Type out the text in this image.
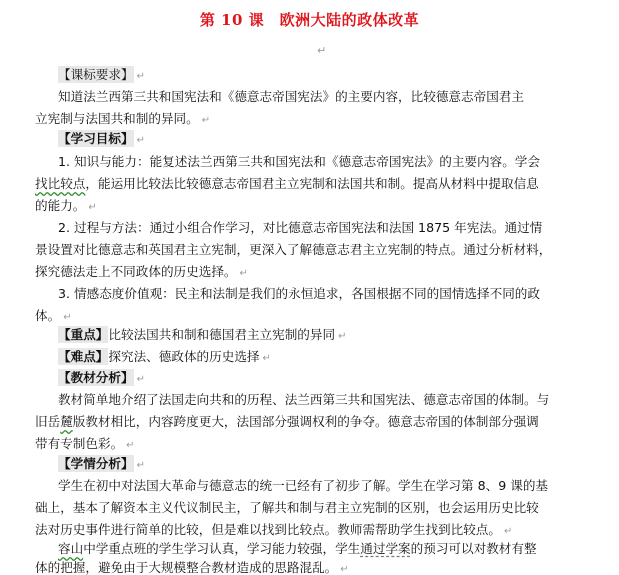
第 10 课　欧洲大陆的政体改革
↵
【课标要求】 ↵
知道法兰西第三共和国宪法和《德意志帝国宪法》的主要内容，比较德意志帝国君主
立宪制与法国共和制的异同。 ↵
【学习目标】 ↵
1. 知识与能力：能复述法兰西第三共和国宪法和《德意志帝国宪法》的主要内容。学会
找比较点，能运用比较法比较德意志帝国君主立宪制和法国共和制。提高从材料中提取信息
的能力。 ↵
2. 过程与方法：通过小组合作学习，对比德意志帝国宪法和法国 1875 年宪法。通过情
景设置对比德意志和英国君主立宪制，更深入了解德意志君主立宪制的特点。通过分析材料，
探究德法走上不同政体的历史选择。 ↵
3. 情感态度价值观：民主和法制是我们的永恒追求，各国根据不同的国情选择不同的政
体。 ↵
【重点】比较法国共和制和德国君主立宪制的异同 ↵
【难点】探究法、德政体的历史选择 ↵
【教材分析】 ↵
教材简单地介绍了法国走向共和的历程、法兰西第三共和国宪法、德意志帝国的体制。与
旧岳麓版教材相比，内容跨度更大，法国部分强调权利的争夺。德意志帝国的体制部分强调
带有专制色彩。 ↵
【学情分析】 ↵
学生在初中对法国大革命与德意志的统一已经有了初步了解。学生在学习第 8、9 课的基
础上，基本了解资本主义代议制民主，了解共和制与君主立宪制的区别，也会运用历史比较
法对历史事件进行简单的比较，但是难以找到比较点。教师需帮助学生找到比较点。 ↵
容山中学重点班的学生学习认真，学习能力较强，学生通过学案的预习可以对教材有整
体的把握，避免由于大规模整合教材造成的思路混乱。 ↵
